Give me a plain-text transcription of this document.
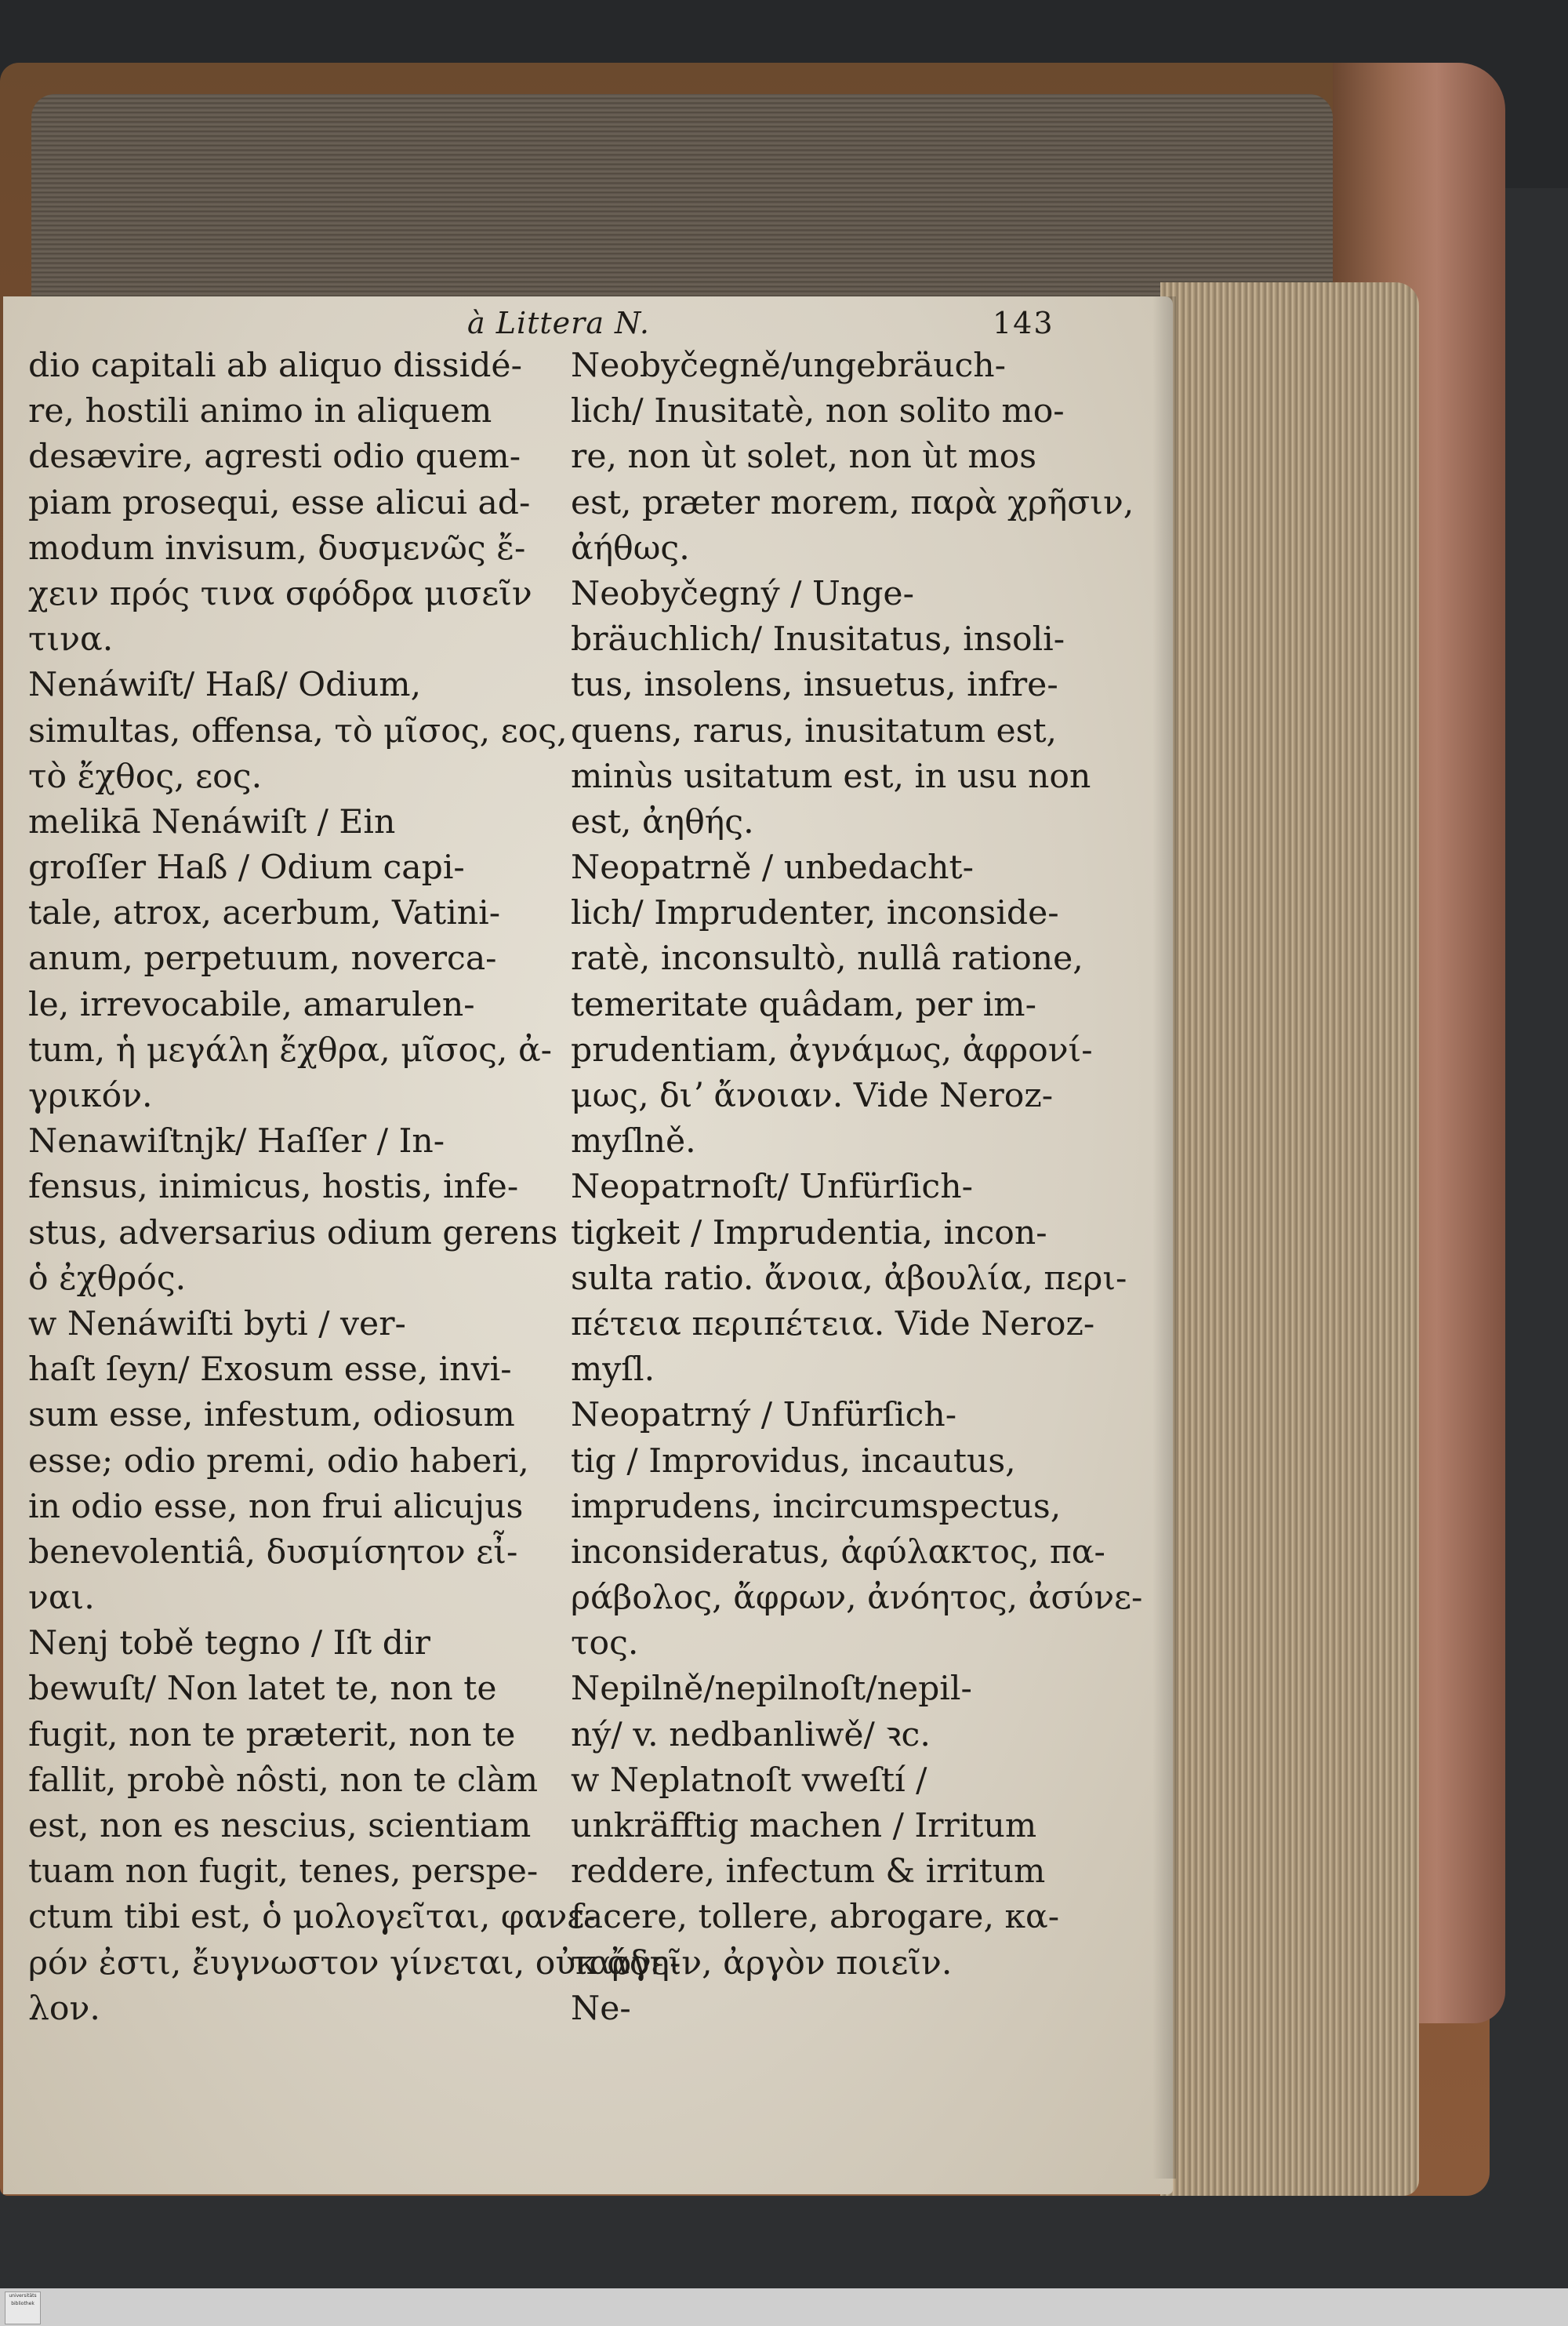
à Littera N.	143
dio capitali ab aliquo dissidé-
re, hostili animo in aliquem
desævire, agresti odio quem-
piam prosequi, esse alicui ad-
modum invisum, δυσμενῶς ἔ-
χειν πρός τινα σφόδρα μισεῖν
τινα.
Nenáwiſt/ Haß/ Odium,
simultas, offensa, τὸ μῖσος, εος,
τὸ ἔχθος, εος.
melikā Nenáwiſt / Ein
groſſer Haß / Odium capi-
tale, atrox, acerbum, Vatini-
anum, perpetuum, noverca-
le, irrevocabile, amarulen-
tum, ἡ μεγάλη ἔχθρα, μῖσος, ἀ-
γρικόν.
Nenawiſtnjk/ Haſſer / In-
fensus, inimicus, hostis, infe-
stus, adversarius odium gerens
ὁ ἐχθρός.
w Nenáwiſti byti / ver-
haſt ſeyn/ Exosum esse, invi-
sum esse, infestum, odiosum
esse; odio premi, odio haberi,
in odio esse, non frui alicujus
benevolentiâ, δυσμίσητον εἶ-
ναι.
Nenj tobě tegno / Iſt dir
bewuſt/ Non latet te, non te
fugit, non te præterit, non te
fallit, probè nôsti, non te clàm
est, non es nescius, scientiam
tuam non fugit, tenes, perspe-
ctum tibi est, ὁ μολογεῖται, φανε-
ρόν ἐστι, ἔυγνωστον γίνεται, οὐκ ἄδη-
λον.
Neobyčegně/ungebräuch-
lich/ Inusitatè, non solito mo-
re, non ùt solet, non ùt mos
est, præter morem, παρὰ χρῆσιν,
ἀήθως.
Neobyčegný / Unge-
bräuchlich/ Inusitatus, insoli-
tus, insolens, insuetus, infre-
quens, rarus, inusitatum est,
minùs usitatum est, in usu non
est, ἀηθής.
Neopatrně / unbedacht-
lich/ Imprudenter, inconside-
ratè, inconsultò, nullâ ratione,
temeritate quâdam, per im-
prudentiam, ἀγνάμως, ἀφρονί-
μως, διʼ ἄνοιαν. Vide Neroz-
myſlně.
Neopatrnoſt/ Unfürſich-
tigkeit / Imprudentia, incon-
sulta ratio. ἄνοια, ἀβουλία, περι-
πέτεια περιπέτεια. Vide Neroz-
myſl.
Neopatrný / Unfürſich-
tig / Improvidus, incautus,
imprudens, incircumspectus,
inconsideratus, ἀφύλακτος, πα-
ράβολος, ἄφρων, ἀνόητος, ἀσύνε-
τος.
Nepilně/nepilnoſt/nepil-
ný/ v. nedbanliwě/ ꝛc.
w Neplatnoſt vweſtí /
unkräfftig machen / Irritum
reddere, infectum & irritum
facere, tollere, abrogare, κα-
ταργεῖν, ἀργὸν ποιεῖν.
Ne-
universitäts bibliothek
